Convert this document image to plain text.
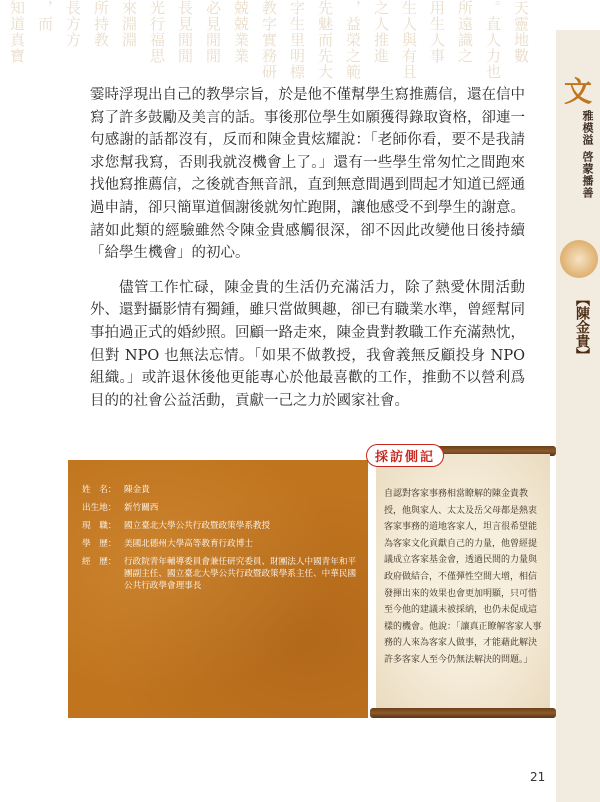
天靈地數
。直人力也
所遠識之
用生人事
生人與有且
之人推進
，益榮之範
先魅而先大
字生里明標
教字實務研
兢兢業業
必見閒閒
長見閒閒
光行福思
來淵淵
所持教
長方方
，而
知道真寶
文
雅模溢 啓蒙播善
【陳金貴】

霎時浮現出自己的教學宗旨，於是他不僅幫學生寫推薦信，還在信中寫了許多鼓勵及美言的話。事後那位學生如願獲得錄取資格，卻連一句感謝的話都沒有，反而和陳金貴炫耀說：「老師你看，要不是我請求您幫我寫，否則我就沒機會上了。」還有一些學生常匆忙之間跑來找他寫推薦信，之後就杳無音訊，直到無意間遇到問起才知道已經通過申請，卻只簡單道個謝後就匆忙跑開，讓他感受不到學生的謝意。諸如此類的經驗雖然令陳金貴感觸很深，卻不因此改變他日後持續「給學生機會」的初心。

儘管工作忙碌，陳金貴的生活仍充滿活力，除了熱愛休閒活動外、還對攝影情有獨鍾，雖只當做興趣，卻已有職業水準，曾經幫同事拍過正式的婚紗照。回顧一路走來，陳金貴對教職工作充滿熱忱，但對 NPO 也無法忘情。「如果不做教授，我會義無反顧投身 NPO 組織。」或許退休後他更能專心於他最喜歡的工作，推動不以營利爲目的的社會公益活動，貢獻一己之力於國家社會。

姓　名： 陳金貴
出生地： 新竹關西
現　職： 國立臺北大學公共行政暨政策學系教授
學　歷： 美國北德州大學高等教育行政博士
經　歷： 行政院青年輔導委員會兼任研究委員、財團法人中國青年和平團副主任、國立臺北大學公共行政暨政策學系主任、中華民國公共行政學會理事長
採訪側記
自認對客家事務相當瞭解的陳金貴教授，他與家人、太太及岳父母都是熱衷客家事務的道地客家人，坦言很希望能為客家文化貢獻自己的力量，他曾經提議成立客家基金會，透過民間的力量與政府做結合，不僅彈性空間大增，相信發揮出來的效果也會更加明顯，只可惜至今他的建議未被採納，也仍未促成這樣的機會。他說：「讓真正瞭解客家人事務的人來為客家人做事，才能藉此解決許多客家人至今仍無法解決的問題。」
21
